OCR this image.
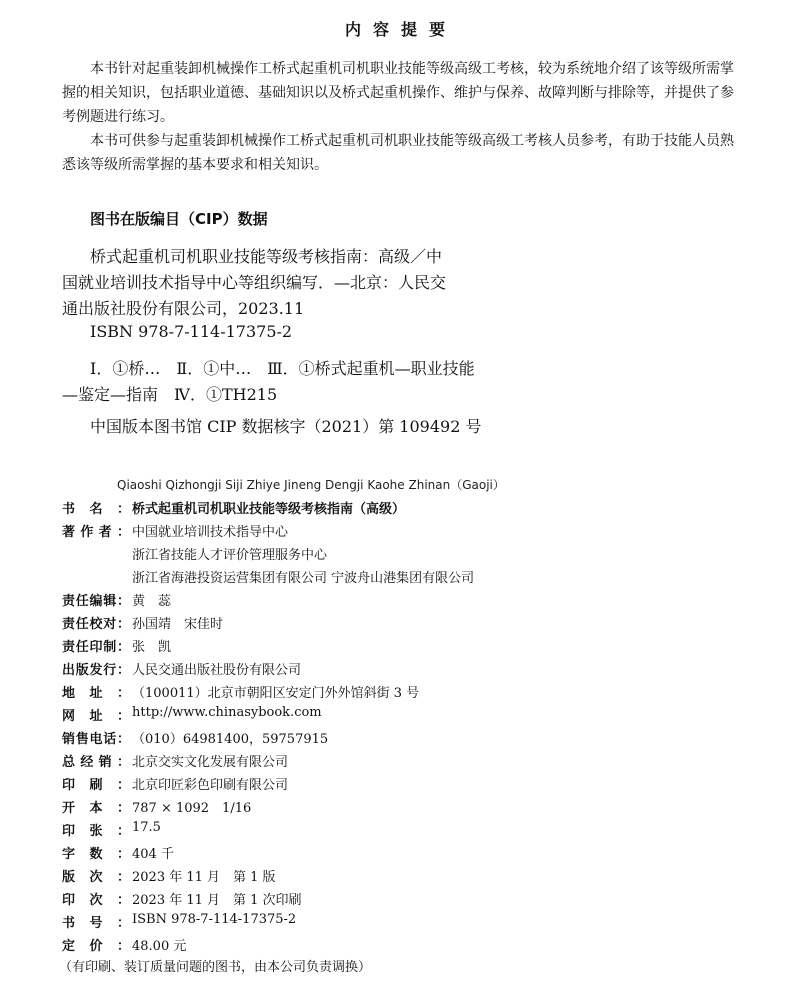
内容提要

本书针对起重装卸机械操作工桥式起重机司机职业技能等级高级工考核，较为系统地介绍了该等级所需掌握的相关知识，包括职业道德、基础知识以及桥式起重机操作、维护与保养、故障判断与排除等，并提供了参考例题进行练习。

本书可供参与起重装卸机械操作工桥式起重机司机职业技能等级高级工考核人员参考，有助于技能人员熟悉该等级所需掌握的基本要求和相关知识。

图书在版编目（CIP）数据
桥式起重机司机职业技能等级考核指南：高级／中
国就业培训技术指导中心等组织编写．—北京：人民交
通出版社股份有限公司，2023.11
ISBN 978-7-114-17375-2
Ⅰ．①桥…　Ⅱ．①中…　Ⅲ．①桥式起重机—职业技能
—鉴定—指南　Ⅳ．①TH215
中国版本图书馆 CIP 数据核字（2021）第 109492 号
Qiaoshi Qizhongji Siji Zhiye Jineng Dengji Kaohe Zhinan（Gaoji）
书名： 桥式起重机司机职业技能等级考核指南（高级）
著作者： 中国就业培训技术指导中心
浙江省技能人才评价管理服务中心
浙江省海港投资运营集团有限公司 宁波舟山港集团有限公司
责任编辑： 黄　蕊
责任校对： 孙国靖　宋佳时
责任印制： 张　凯
出版发行： 人民交通出版社股份有限公司
地址： （100011）北京市朝阳区安定门外外馆斜街 3 号
网址： http://www.chinasybook.com
销售电话： （010）64981400，59757915
总经销： 北京交实文化发展有限公司
印刷： 北京印匠彩色印刷有限公司
开本： 787 × 1092　1/16
印张： 17.5
字数： 404 千
版次： 2023 年 11 月　第 1 版
印次： 2023 年 11 月　第 1 次印刷
书号： ISBN 978-7-114-17375-2
定价： 48.00 元
（有印刷、装订质量问题的图书，由本公司负责调换）
